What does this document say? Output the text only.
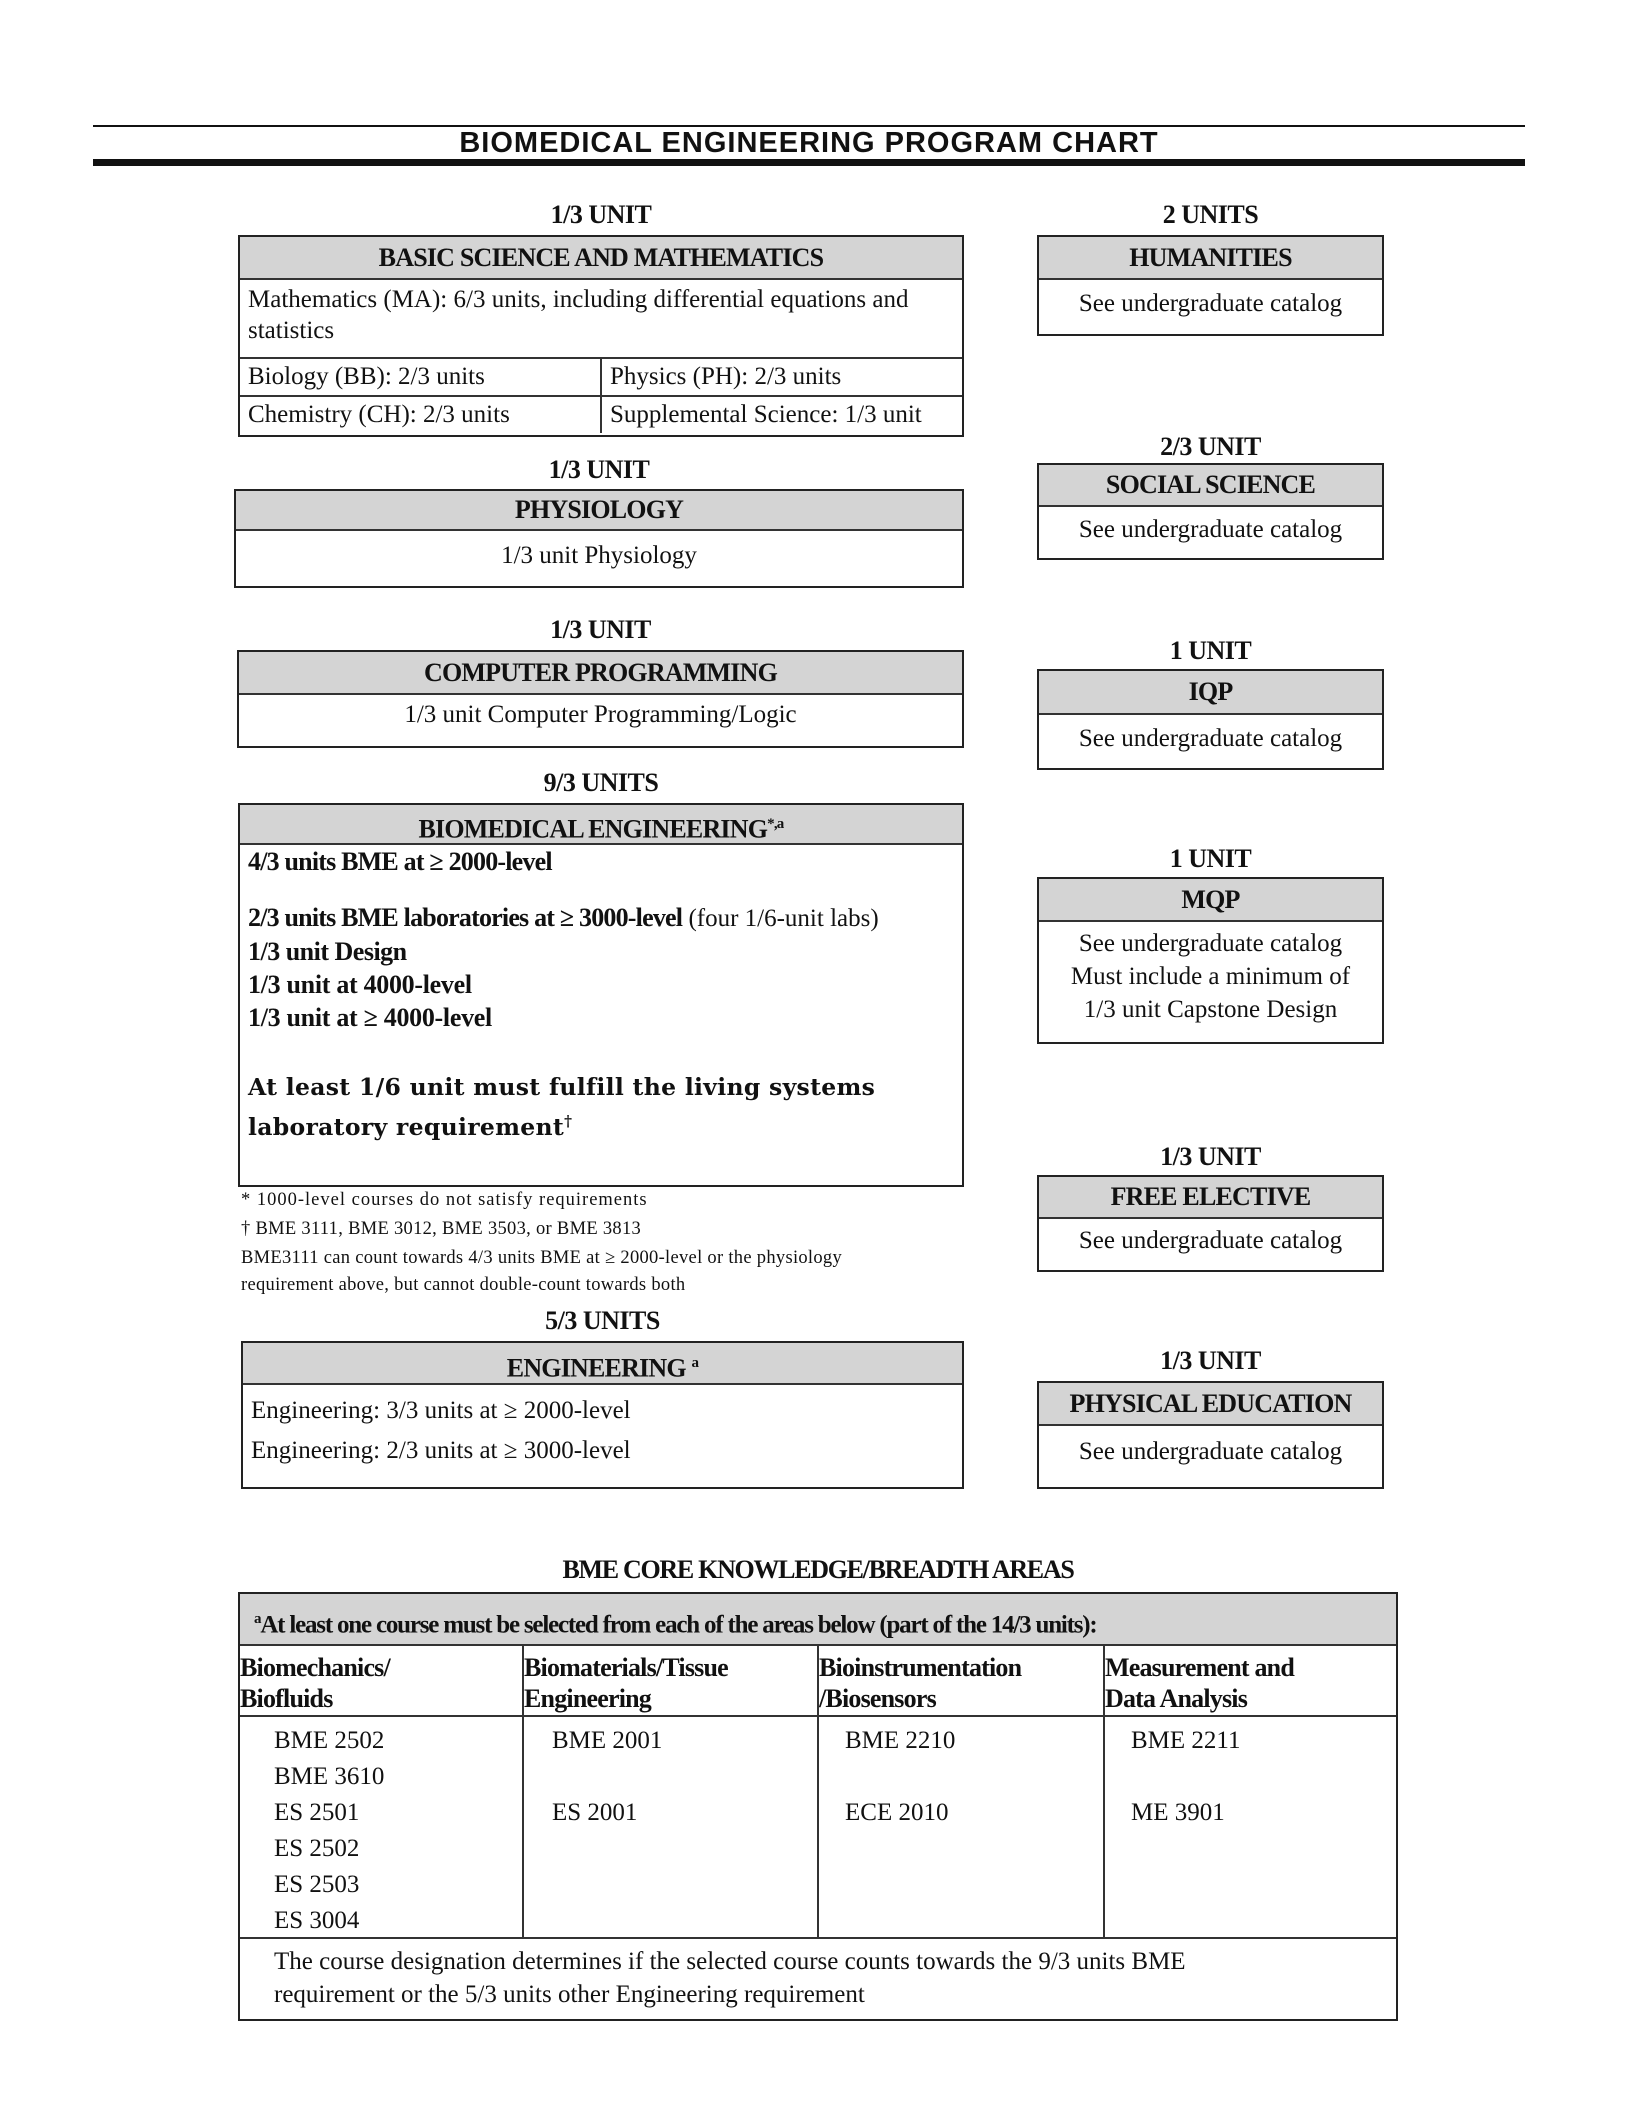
BIOMEDICAL ENGINEERING PROGRAM CHART
1/3 UNIT
BASIC SCIENCE AND MATHEMATICS
Mathematics (MA): 6/3 units, including differential equations and statistics
Biology (BB): 2/3 units	Physics (PH): 2/3 units
Chemistry (CH): 2/3 units	Supplemental Science: 1/3 unit
1/3 UNIT
PHYSIOLOGY
1/3 unit Physiology
1/3 UNIT
COMPUTER PROGRAMMING
1/3 unit Computer Programming/Logic
9/3 UNITS
BIOMEDICAL $ENGINEERING^{*,a}$
4/3 units BME at ≥ 2000-level
2/3 units BME laboratories at ≥ 3000-level (four 1/6-unit labs)
1/3 unit Design
1/3 unit at 4000-level
1/3 unit at ≥ 4000-level
At least 1/6 unit must fulfill the living systems
laboratory requirement†
* 1000-level courses do not satisfy requirements
† BME 3111, BME 3012, BME 3503, or BME 3813
BME3111 can count towards 4/3 units BME at ≥ 2000-level or the physiology
requirement above, but cannot double-count towards both
5/3 UNITS
ENGINEERING $^a$
Engineering: 3/3 units at ≥ 2000-level
Engineering: 2/3 units at ≥ 3000-level
2 UNITS
HUMANITIES
See undergraduate catalog
2/3 UNIT
SOCIAL SCIENCE
See undergraduate catalog
1 UNIT
IQP
See undergraduate catalog
1 UNIT
MQP
See undergraduate catalog
Must include a minimum of
1/3 unit Capstone Design
1/3 UNIT
FREE ELECTIVE
See undergraduate catalog
1/3 UNIT
PHYSICAL EDUCATION
See undergraduate catalog
BME CORE KNOWLEDGE/BREADTH AREAS
$^a$At least one course must be selected from each of the areas below (part of the 14/3 units):
Biomechanics/
Biofluids
BME 2502
BME 3610
ES 2501
ES 2502
ES 2503
ES 3004
Biomaterials/Tissue
Engineering
BME 2001
ES 2001
Bioinstrumentation
/Biosensors
BME 2210
ECE 2010
Measurement and
Data Analysis
BME 2211
ME 3901
The course designation determines if the selected course counts towards the 9/3 units BME
requirement or the 5/3 units other Engineering requirement
